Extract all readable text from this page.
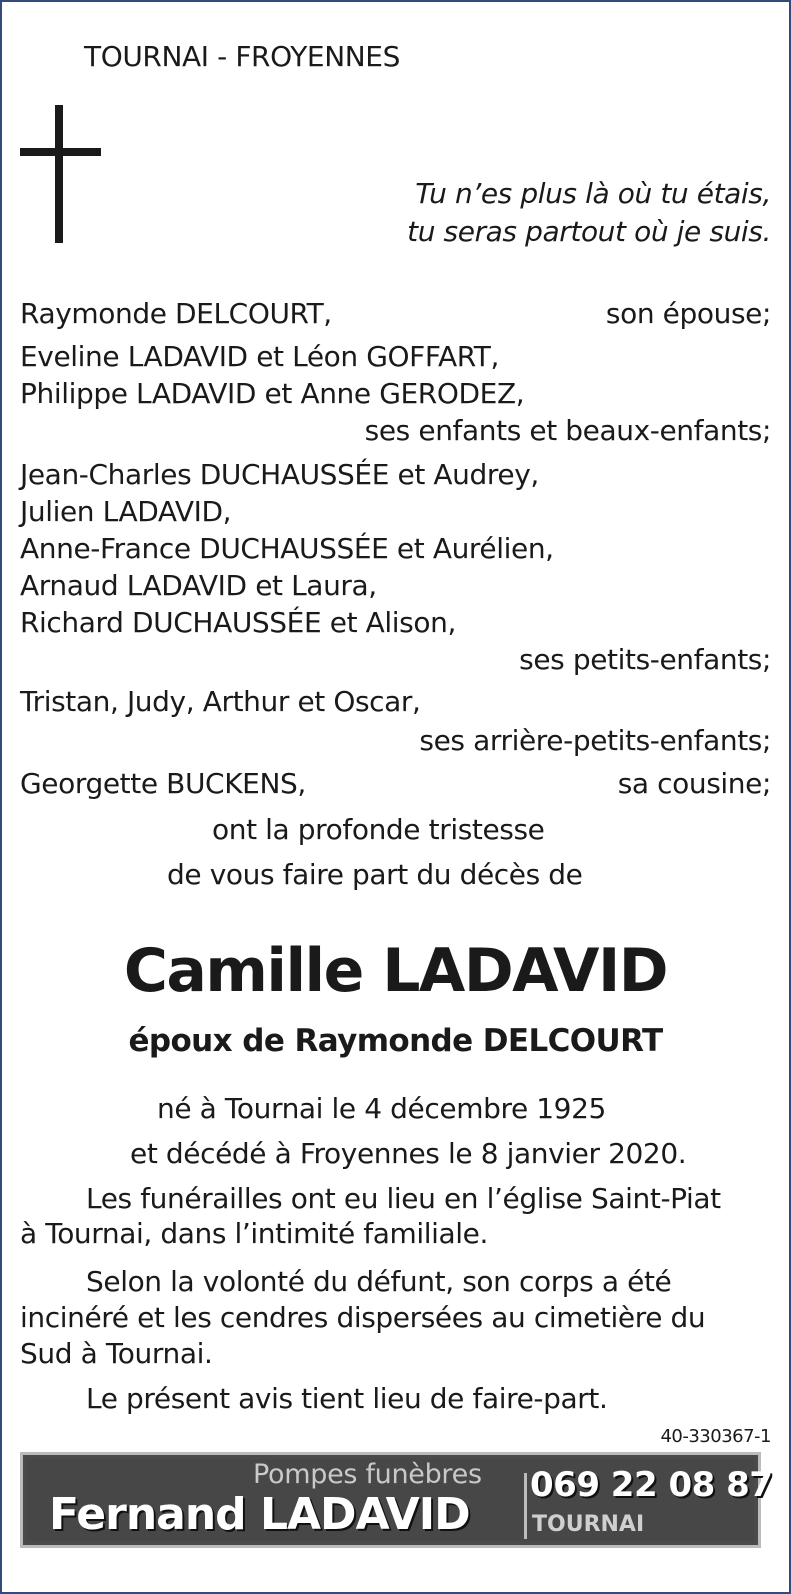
TOURNAI - FROYENNES
Tu n’es plus là où tu étais,
tu seras partout où je suis.
Raymonde DELCOURT,	son épouse;
Eveline LADAVID et Léon GOFFART,
Philippe LADAVID et Anne GERODEZ,
ses enfants et beaux-enfants;
Jean-Charles DUCHAUSSÉE et Audrey,
Julien LADAVID,
Anne-France DUCHAUSSÉE et Aurélien,
Arnaud LADAVID et Laura,
Richard DUCHAUSSÉE et Alison,
ses petits-enfants;
Tristan, Judy, Arthur et Oscar,
ses arrière-petits-enfants;
Georgette BUCKENS,	sa cousine;
ont la profonde tristesse
de vous faire part du décès de
Camille LADAVID
époux de Raymonde DELCOURT
né à Tournai le 4 décembre 1925
et décédé à Froyennes le 8 janvier 2020.
Les funérailles ont eu lieu en l’église Saint-Piat
à Tournai, dans l’intimité familiale.
Selon la volonté du défunt, son corps a été
incinéré et les cendres dispersées au cimetière du
Sud à Tournai.
Le présent avis tient lieu de faire-part.
40-330367-1
Pompes funèbres
Fernand LADAVID
069 22 08 87
TOURNAI
